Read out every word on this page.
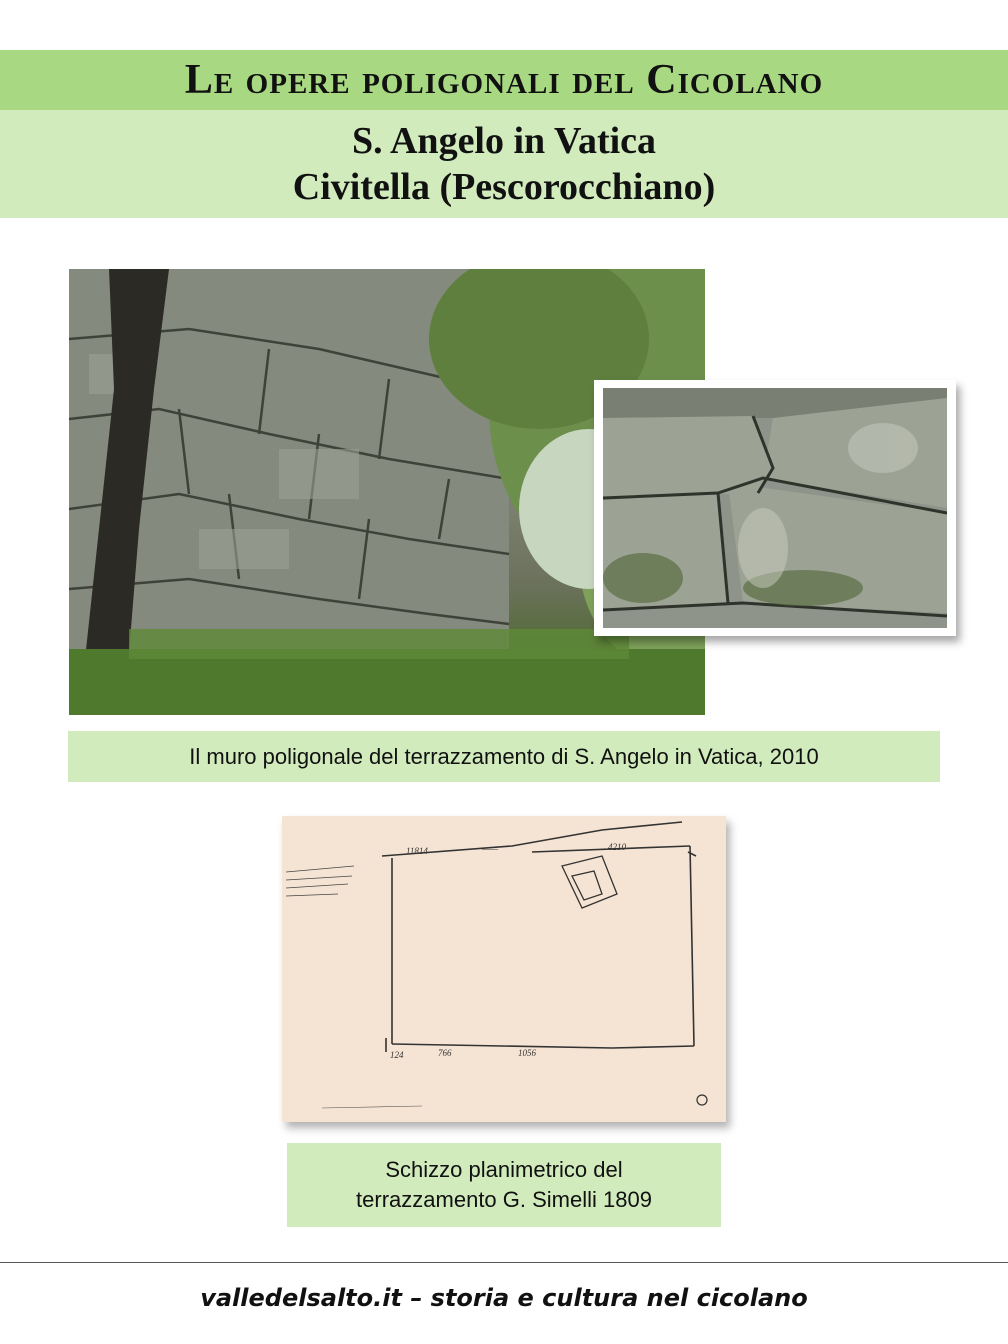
Le opere poligonali del Cicolano
S. Angelo in Vatica
Civitella (Pescorocchiano)
Il muro poligonale del terrazzamento di S. Angelo in Vatica, 2010
11814	——	4210
766	1056
124
Schizzo planimetrico del
terrazzamento G. Simelli 1809
valledelsalto.it – storia e cultura nel cicolano
